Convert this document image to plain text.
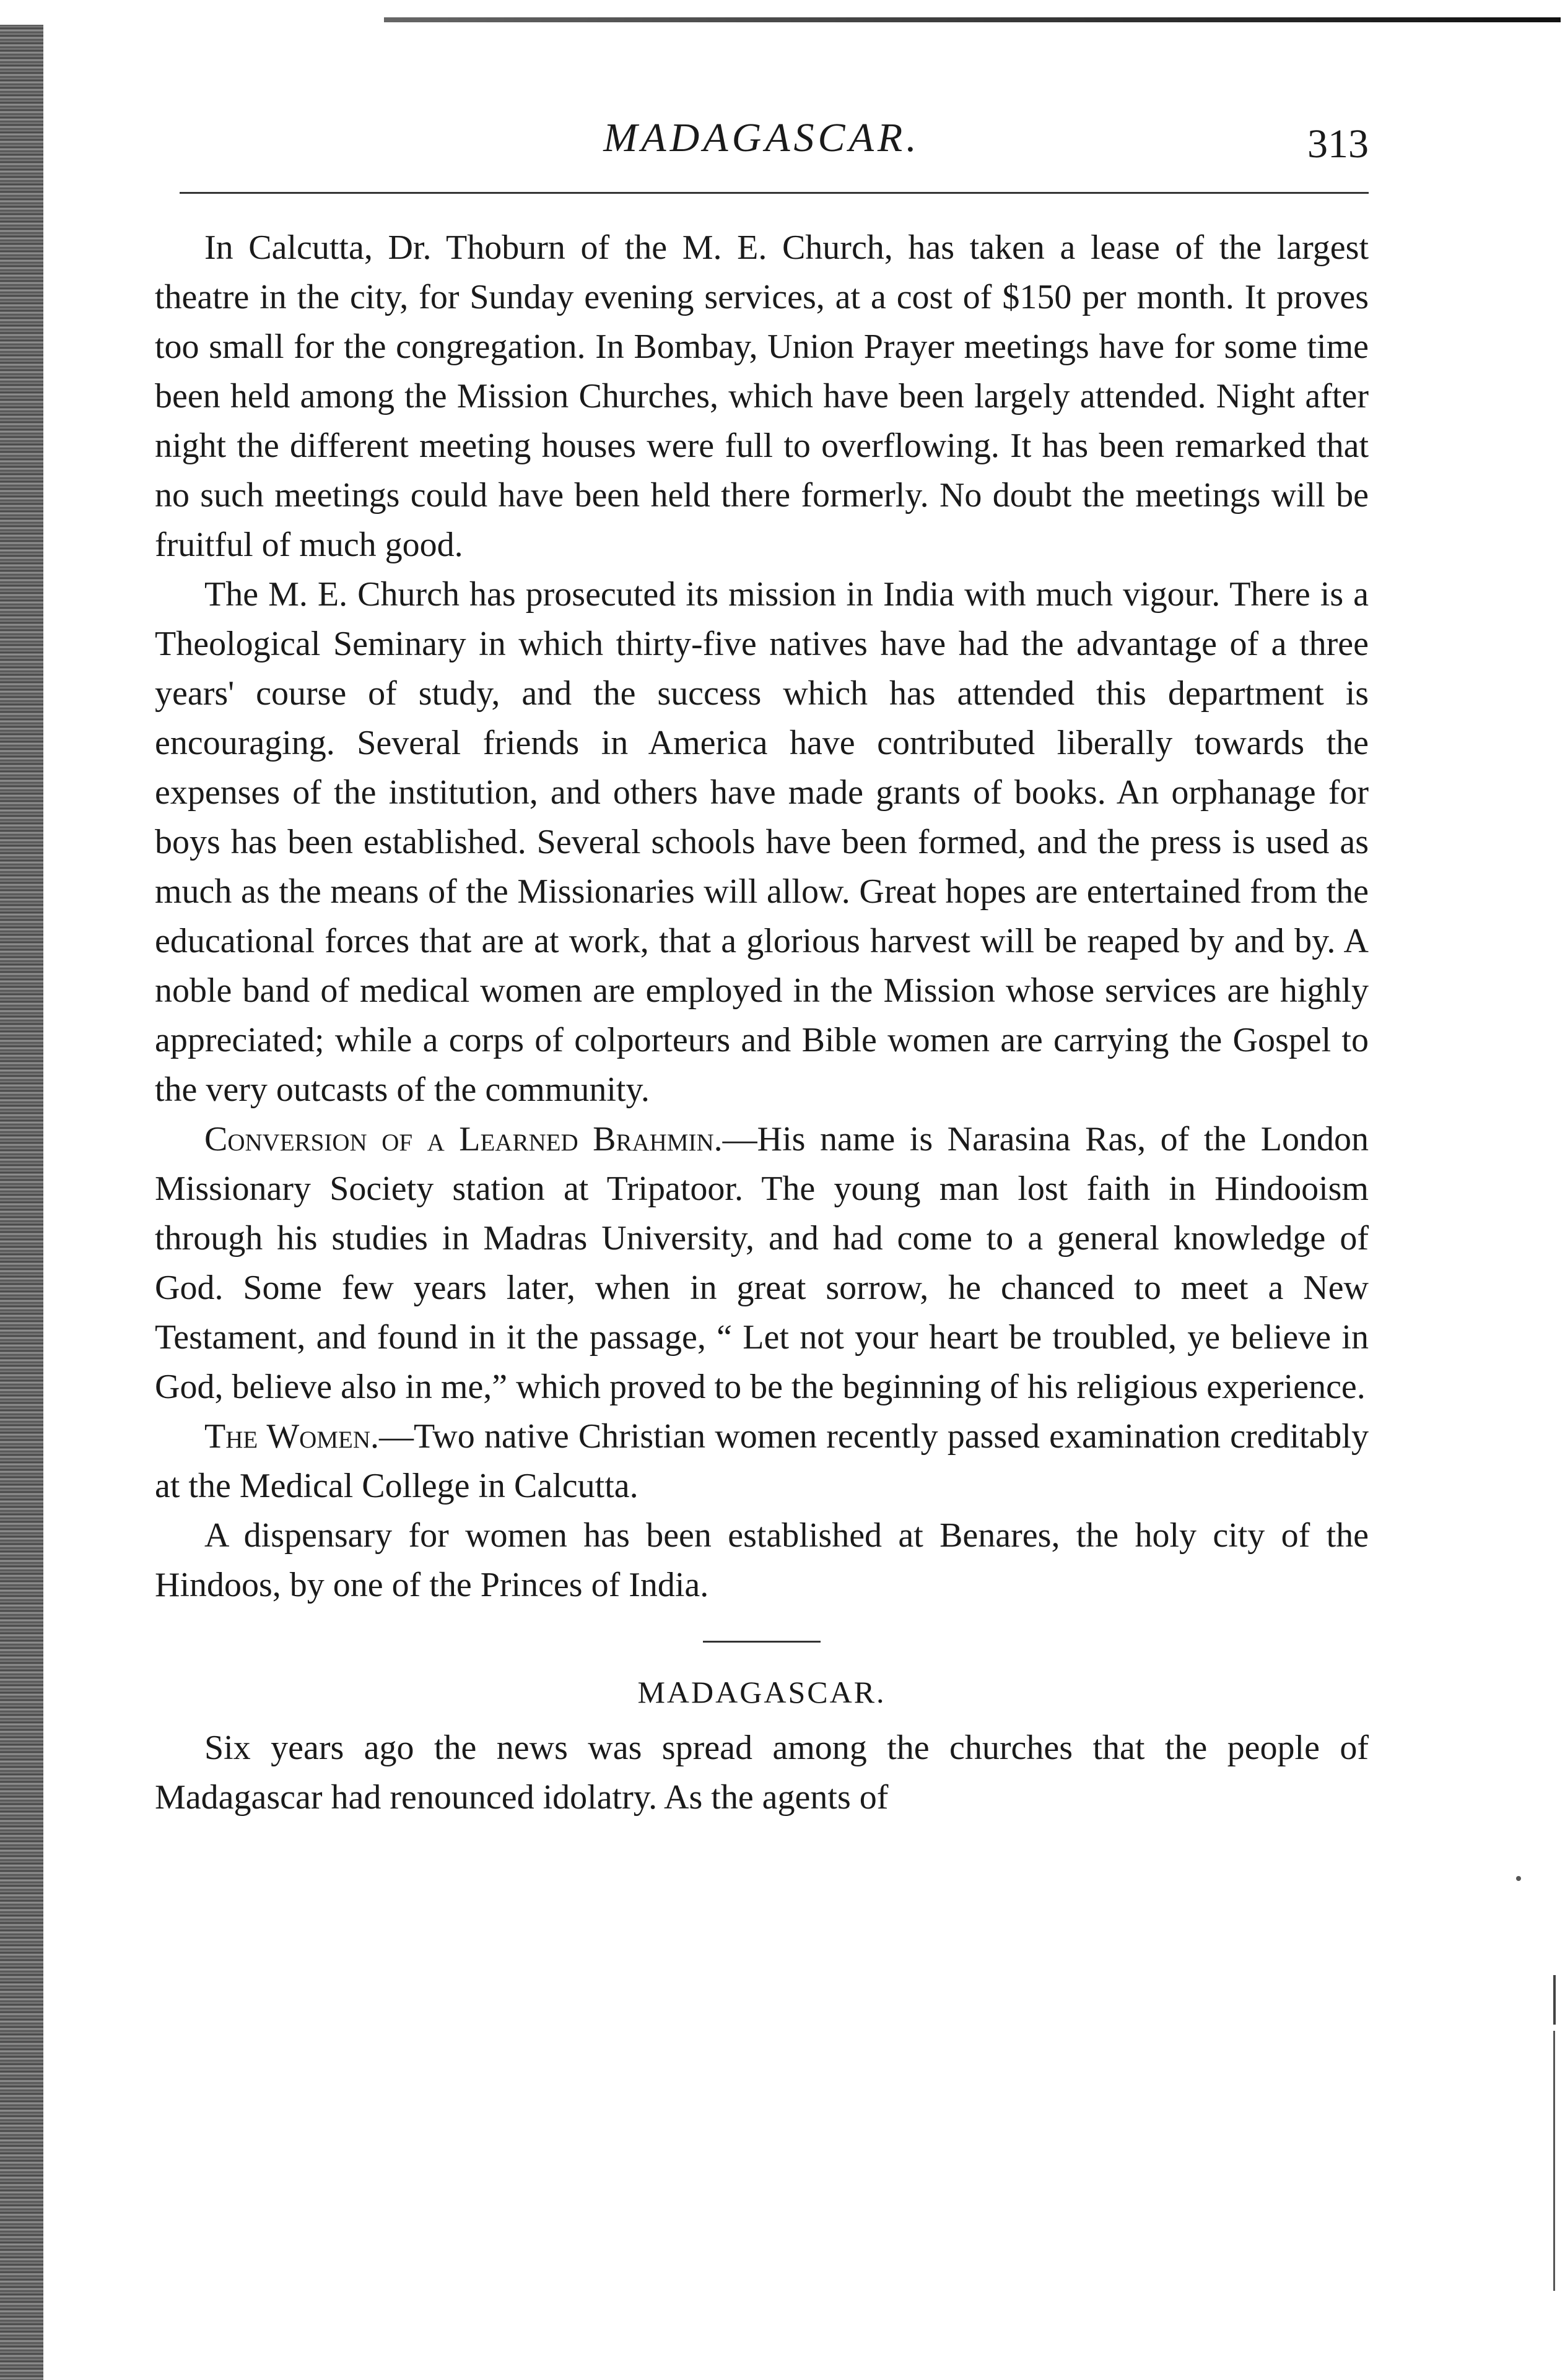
MADAGASCAR.	313

In Calcutta, Dr. Thoburn of the M. E. Church, has taken a lease of the largest theatre in the city, for Sunday evening services, at a cost of $150 per month. It proves too small for the congregation. In Bombay, Union Prayer meetings have for some time been held among the Mission Churches, which have been largely attended. Night after night the different meeting houses were full to overflowing. It has been remarked that no such meetings could have been held there formerly. No doubt the meetings will be fruitful of much good.

The M. E. Church has prosecuted its mission in India with much vigour. There is a Theological Seminary in which thirty-five natives have had the advantage of a three years' course of study, and the success which has attended this department is encouraging. Several friends in America have contributed liberally towards the expenses of the institution, and others have made grants of books. An orphanage for boys has been established. Several schools have been formed, and the press is used as much as the means of the Missionaries will allow. Great hopes are entertained from the educational forces that are at work, that a glorious harvest will be reaped by and by. A noble band of medical women are employed in the Mission whose services are highly appreciated; while a corps of colporteurs and Bible women are carrying the Gospel to the very outcasts of the community.

Conversion of a Learned Brahmin.—His name is Narasina Ras, of the London Missionary Society station at Tripatoor. The young man lost faith in Hindooism through his studies in Madras University, and had come to a general knowledge of God. Some few years later, when in great sorrow, he chanced to meet a New Testament, and found in it the passage, “ Let not your heart be troubled, ye believe in God, believe also in me,” which proved to be the beginning of his religious experience.

The Women.—Two native Christian women recently passed examination creditably at the Medical College in Calcutta.

A dispensary for women has been established at Benares, the holy city of the Hindoos, by one of the Princes of India.

MADAGASCAR.

Six years ago the news was spread among the churches that the people of Madagascar had renounced idolatry. As the agents of
